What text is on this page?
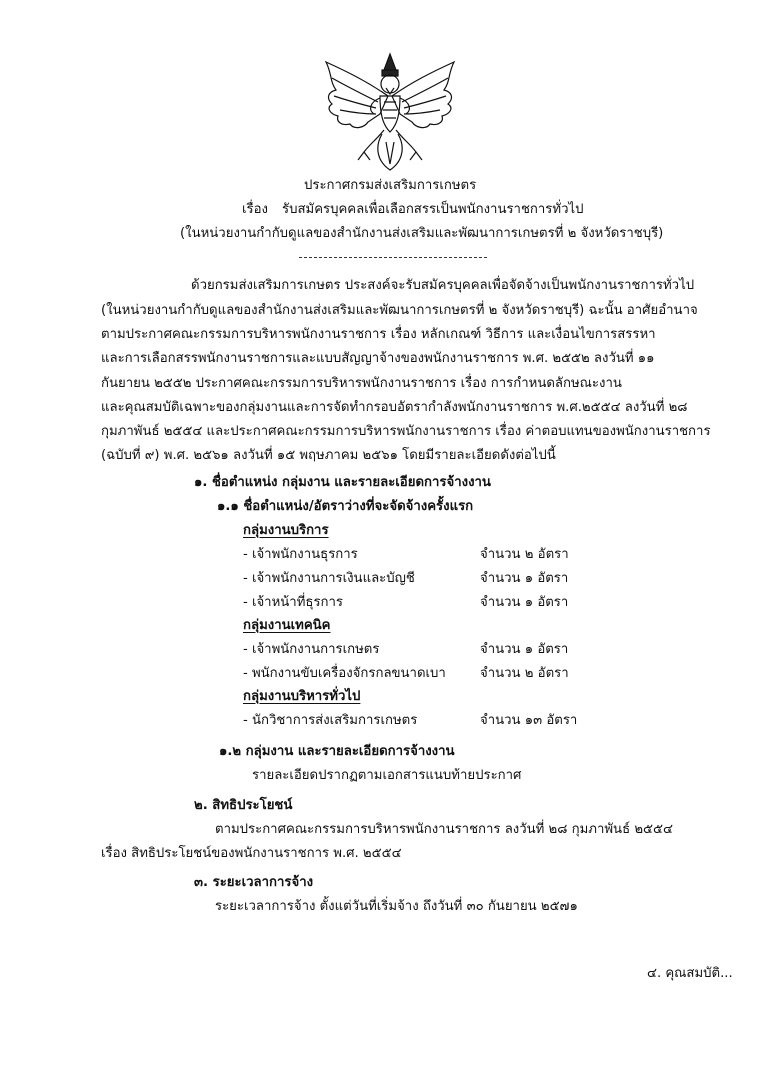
ประกาศกรมส่งเสริมการเกษตร
เรื่อง รับสมัครบุคคลเพื่อเลือกสรรเป็นพนักงานราชการทั่วไป
(ในหน่วยงานกำกับดูแลของสำนักงานส่งเสริมและพัฒนาการเกษตรที่ ๒ จังหวัดราชบุรี)
ด้วยกรมส่งเสริมการเกษตร ประสงค์จะรับสมัครบุคคลเพื่อจัดจ้างเป็นพนักงานราชการทั่วไป
(ในหน่วยงานกำกับดูแลของสำนักงานส่งเสริมและพัฒนาการเกษตรที่ ๒ จังหวัดราชบุรี) ฉะนั้น อาศัยอำนาจ
ตามประกาศคณะกรรมการบริหารพนักงานราชการ เรื่อง หลักเกณฑ์ วิธีการ และเงื่อนไขการสรรหา
และการเลือกสรรพนักงานราชการและแบบสัญญาจ้างของพนักงานราชการ พ.ศ. ๒๕๕๒ ลงวันที่ ๑๑
กันยายน ๒๕๕๒ ประกาศคณะกรรมการบริหารพนักงานราชการ เรื่อง การกำหนดลักษณะงาน
และคุณสมบัติเฉพาะของกลุ่มงานและการจัดทำกรอบอัตรากำลังพนักงานราชการ พ.ศ.๒๕๕๔ ลงวันที่ ๒๘
กุมภาพันธ์ ๒๕๕๔ และประกาศคณะกรรมการบริหารพนักงานราชการ เรื่อง ค่าตอบแทนของพนักงานราชการ
(ฉบับที่ ๙) พ.ศ. ๒๕๖๑ ลงวันที่ ๑๕ พฤษภาคม ๒๕๖๑ โดยมีรายละเอียดดังต่อไปนี้
๑. ชื่อตำแหน่ง กลุ่มงาน และรายละเอียดการจ้างงาน
๑.๑ ชื่อตำแหน่ง/อัตราว่างที่จะจัดจ้างครั้งแรก
กลุ่มงานบริการ
- เจ้าพนักงานธุรการ	จำนวน ๒ อัตรา
- เจ้าพนักงานการเงินและบัญชี	จำนวน ๑ อัตรา
- เจ้าหน้าที่ธุรการ	จำนวน ๑ อัตรา
กลุ่มงานเทคนิค
- เจ้าพนักงานการเกษตร	จำนวน ๑ อัตรา
- พนักงานขับเครื่องจักรกลขนาดเบา	จำนวน ๒ อัตรา
กลุ่มงานบริหารทั่วไป
- นักวิชาการส่งเสริมการเกษตร	จำนวน ๑๓ อัตรา
๑.๒ กลุ่มงาน และรายละเอียดการจ้างงาน
รายละเอียดปรากฏตามเอกสารแนบท้ายประกาศ
๒. สิทธิประโยชน์
ตามประกาศคณะกรรมการบริหารพนักงานราชการ ลงวันที่ ๒๘ กุมภาพันธ์ ๒๕๕๔
เรื่อง สิทธิประโยชน์ของพนักงานราชการ พ.ศ. ๒๕๕๔
๓. ระยะเวลาการจ้าง
ระยะเวลาการจ้าง ตั้งแต่วันที่เริ่มจ้าง ถึงวันที่ ๓๐ กันยายน ๒๕๗๑
๔. คุณสมบัติ...
